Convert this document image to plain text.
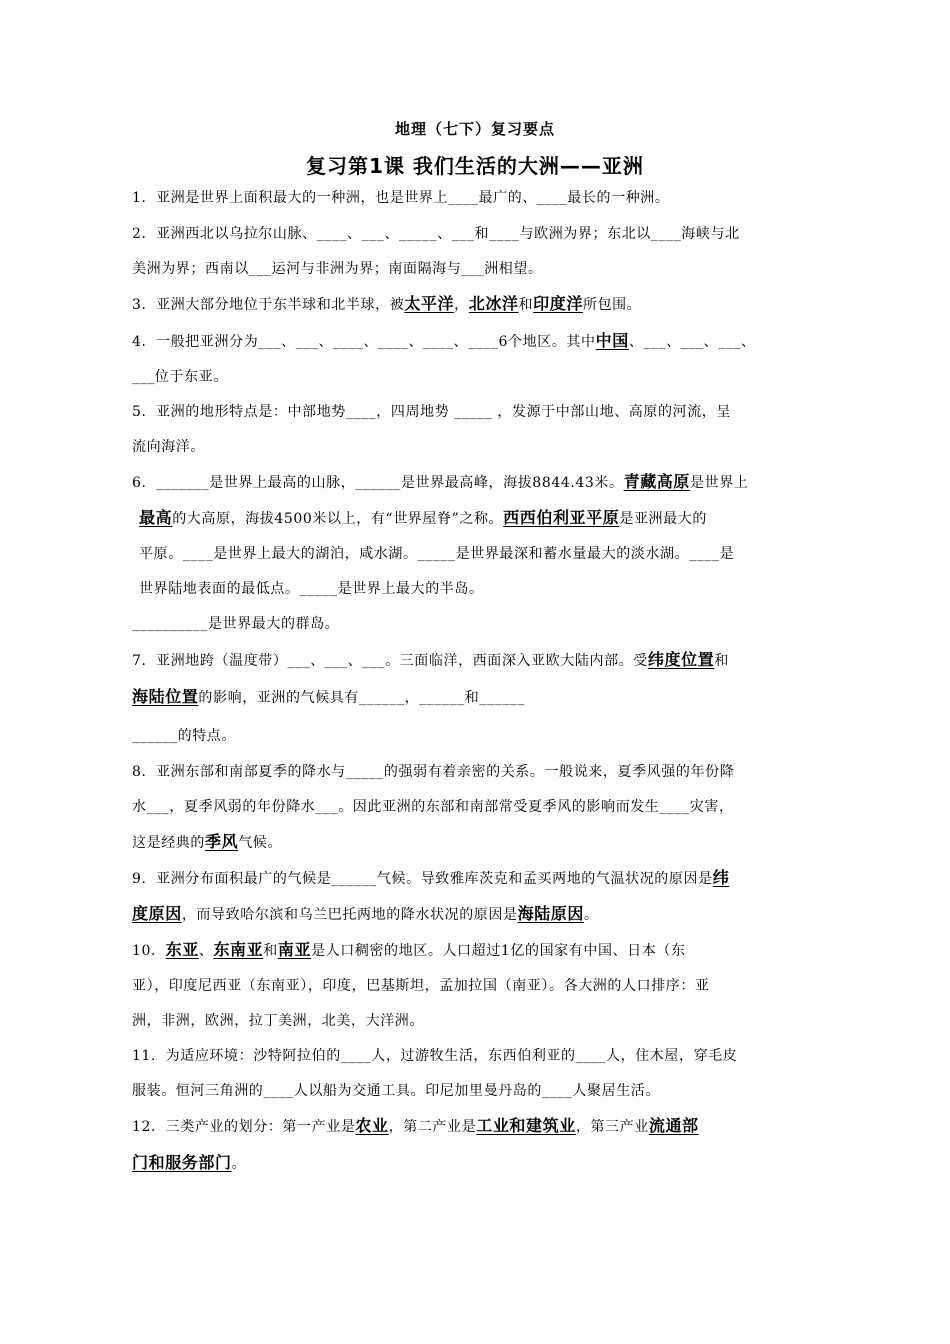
地理（七下）复习要点
复习第1课 我们生活的大洲——亚洲
1．亚洲是世界上面积最大的一种洲，也是世界上____最广的、____最长的一种洲。
2．亚洲西北以乌拉尔山脉、____、___、_____、___和____与欧洲为界；东北以____海峡与北
美洲为界；西南以___运河与非洲为界；南面隔海与___洲相望。
3．亚洲大部分地位于东半球和北半球，被太平洋，北冰洋和印度洋所包围。
4．一般把亚洲分为___、___、____、____、____、____6个地区。其中中国、___、___、___、
___位于东亚。
5．亚洲的地形特点是：中部地势____，四周地势 _____ ，发源于中部山地、高原的河流，呈
流向海洋。
6．_______是世界上最高的山脉，______是世界最高峰，海拔8844.43米。青藏高原是世界上
最高的大高原，海拔4500米以上，有“世界屋脊”之称。西西伯利亚平原是亚洲最大的
平原。____是世界上最大的湖泊，咸水湖。_____是世界最深和蓄水量最大的淡水湖。____是
世界陆地表面的最低点。_____是世界上最大的半岛。
__________是世界最大的群岛。
7．亚洲地跨（温度带）___、___、___。三面临洋，西面深入亚欧大陆内部。受纬度位置和
海陆位置的影响，亚洲的气候具有______，______和______
______的特点。
8．亚洲东部和南部夏季的降水与_____的强弱有着亲密的关系。一般说来，夏季风强的年份降
水___，夏季风弱的年份降水___。因此亚洲的东部和南部常受夏季风的影响而发生____灾害，
这是经典的季风气候。
9．亚洲分布面积最广的气候是______气候。导致雅库茨克和孟买两地的气温状况的原因是纬
度原因，而导致哈尔滨和乌兰巴托两地的降水状况的原因是海陆原因。
10．东亚、东南亚和南亚是人口稠密的地区。人口超过1亿的国家有中国、日本（东
亚），印度尼西亚（东南亚），印度，巴基斯坦，孟加拉国（南亚）。各大洲的人口排序：亚
洲，非洲，欧洲，拉丁美洲，北美，大洋洲。
11．为适应环境：沙特阿拉伯的____人，过游牧生活，东西伯利亚的____人，住木屋，穿毛皮
服装。恒河三角洲的____人以船为交通工具。印尼加里曼丹岛的____人聚居生活。
12．三类产业的划分：第一产业是农业，第二产业是工业和建筑业，第三产业流通部
门和服务部门。
